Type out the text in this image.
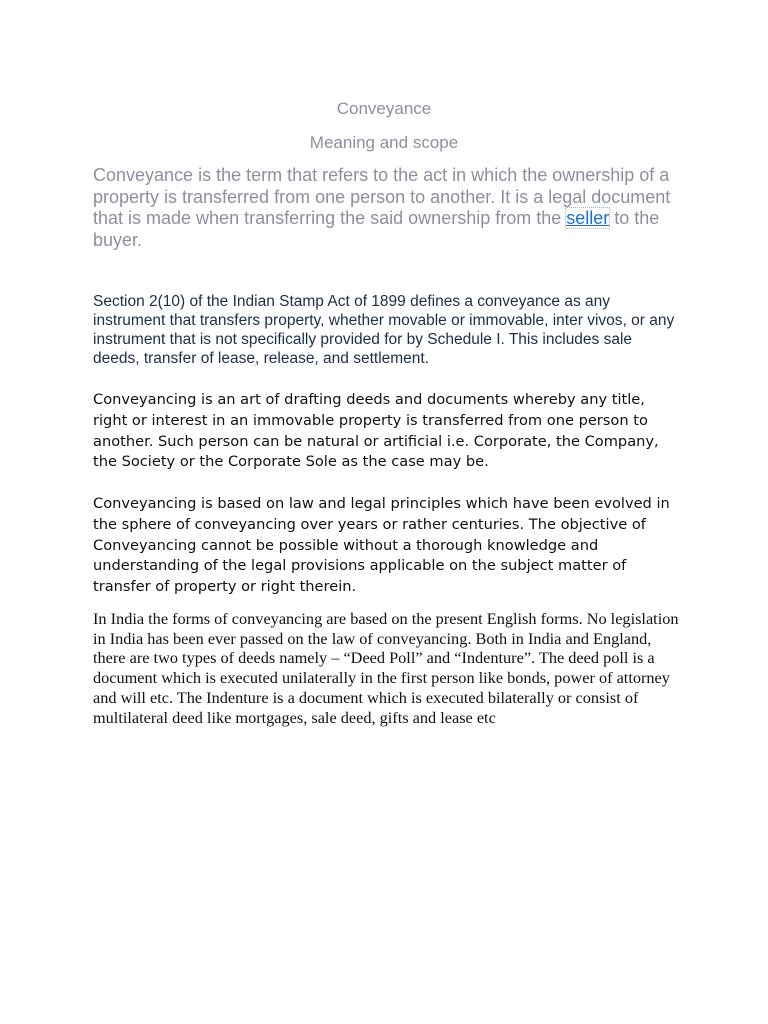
Conveyance
Meaning and scope

Conveyance is the term that refers to the act in which the ownership of a property is transferred from one person to another. It is a legal document that is made when transferring the said ownership from the seller to the buyer.

Section 2(10) of the Indian Stamp Act of 1899 defines a conveyance as any instrument that transfers property, whether movable or immovable, inter vivos, or any instrument that is not specifically provided for by Schedule I. This includes sale deeds, transfer of lease, release, and settlement.

Conveyancing is an art of drafting deeds and documents whereby any title, right or interest in an immovable property is transferred from one person to another. Such person can be natural or artificial i.e. Corporate, the Company, the Society or the Corporate Sole as the case may be.

Conveyancing is based on law and legal principles which have been evolved in the sphere of conveyancing over years or rather centuries. The objective of Conveyancing cannot be possible without a thorough knowledge and understanding of the legal provisions applicable on the subject matter of transfer of property or right therein.

In India the forms of conveyancing are based on the present English forms. No legislation in India has been ever passed on the law of conveyancing. Both in India and England, there are two types of deeds namely – “Deed Poll” and “Indenture”. The deed poll is a document which is executed unilaterally in the first person like bonds, power of attorney and will etc. The Indenture is a document which is executed bilaterally or consist of multilateral deed like mortgages, sale deed, gifts and lease etc
